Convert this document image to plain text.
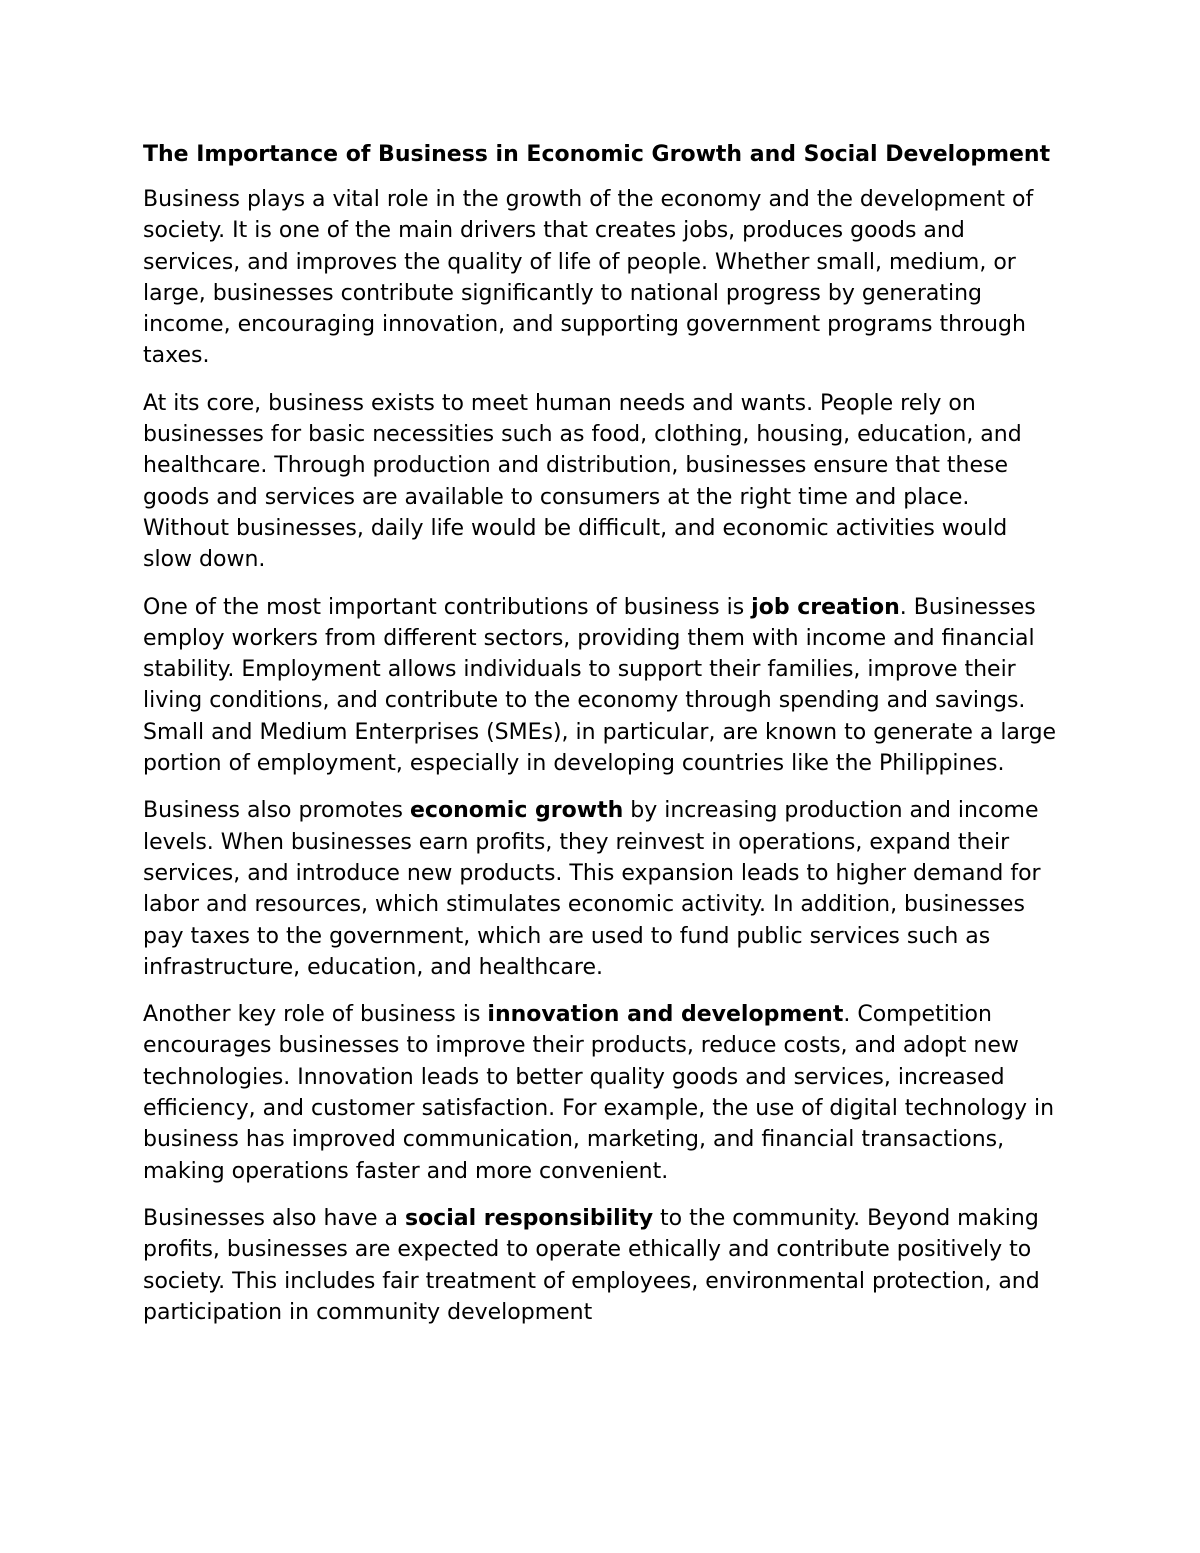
The Importance of Business in Economic Growth and Social Development

Business plays a vital role in the growth of the economy and the development of society. It is one of the main drivers that creates jobs, produces goods and services, and improves the quality of life of people. Whether small, medium, or large, businesses contribute significantly to national progress by generating income, encouraging innovation, and supporting government programs through taxes.

At its core, business exists to meet human needs and wants. People rely on businesses for basic necessities such as food, clothing, housing, education, and healthcare. Through production and distribution, businesses ensure that these goods and services are available to consumers at the right time and place. Without businesses, daily life would be difficult, and economic activities would slow down.

One of the most important contributions of business is job creation. Businesses employ workers from different sectors, providing them with income and financial stability. Employment allows individuals to support their families, improve their living conditions, and contribute to the economy through spending and savings. Small and Medium Enterprises (SMEs), in particular, are known to generate a large portion of employment, especially in developing countries like the Philippines.

Business also promotes economic growth by increasing production and income levels. When businesses earn profits, they reinvest in operations, expand their services, and introduce new products. This expansion leads to higher demand for labor and resources, which stimulates economic activity. In addition, businesses pay taxes to the government, which are used to fund public services such as infrastructure, education, and healthcare.

Another key role of business is innovation and development. Competition encourages businesses to improve their products, reduce costs, and adopt new technologies. Innovation leads to better quality goods and services, increased efficiency, and customer satisfaction. For example, the use of digital technology in business has improved communication, marketing, and financial transactions, making operations faster and more convenient.

Businesses also have a social responsibility to the community. Beyond making profits, businesses are expected to operate ethically and contribute positively to society. This includes fair treatment of employees, environmental protection, and participation in community development
